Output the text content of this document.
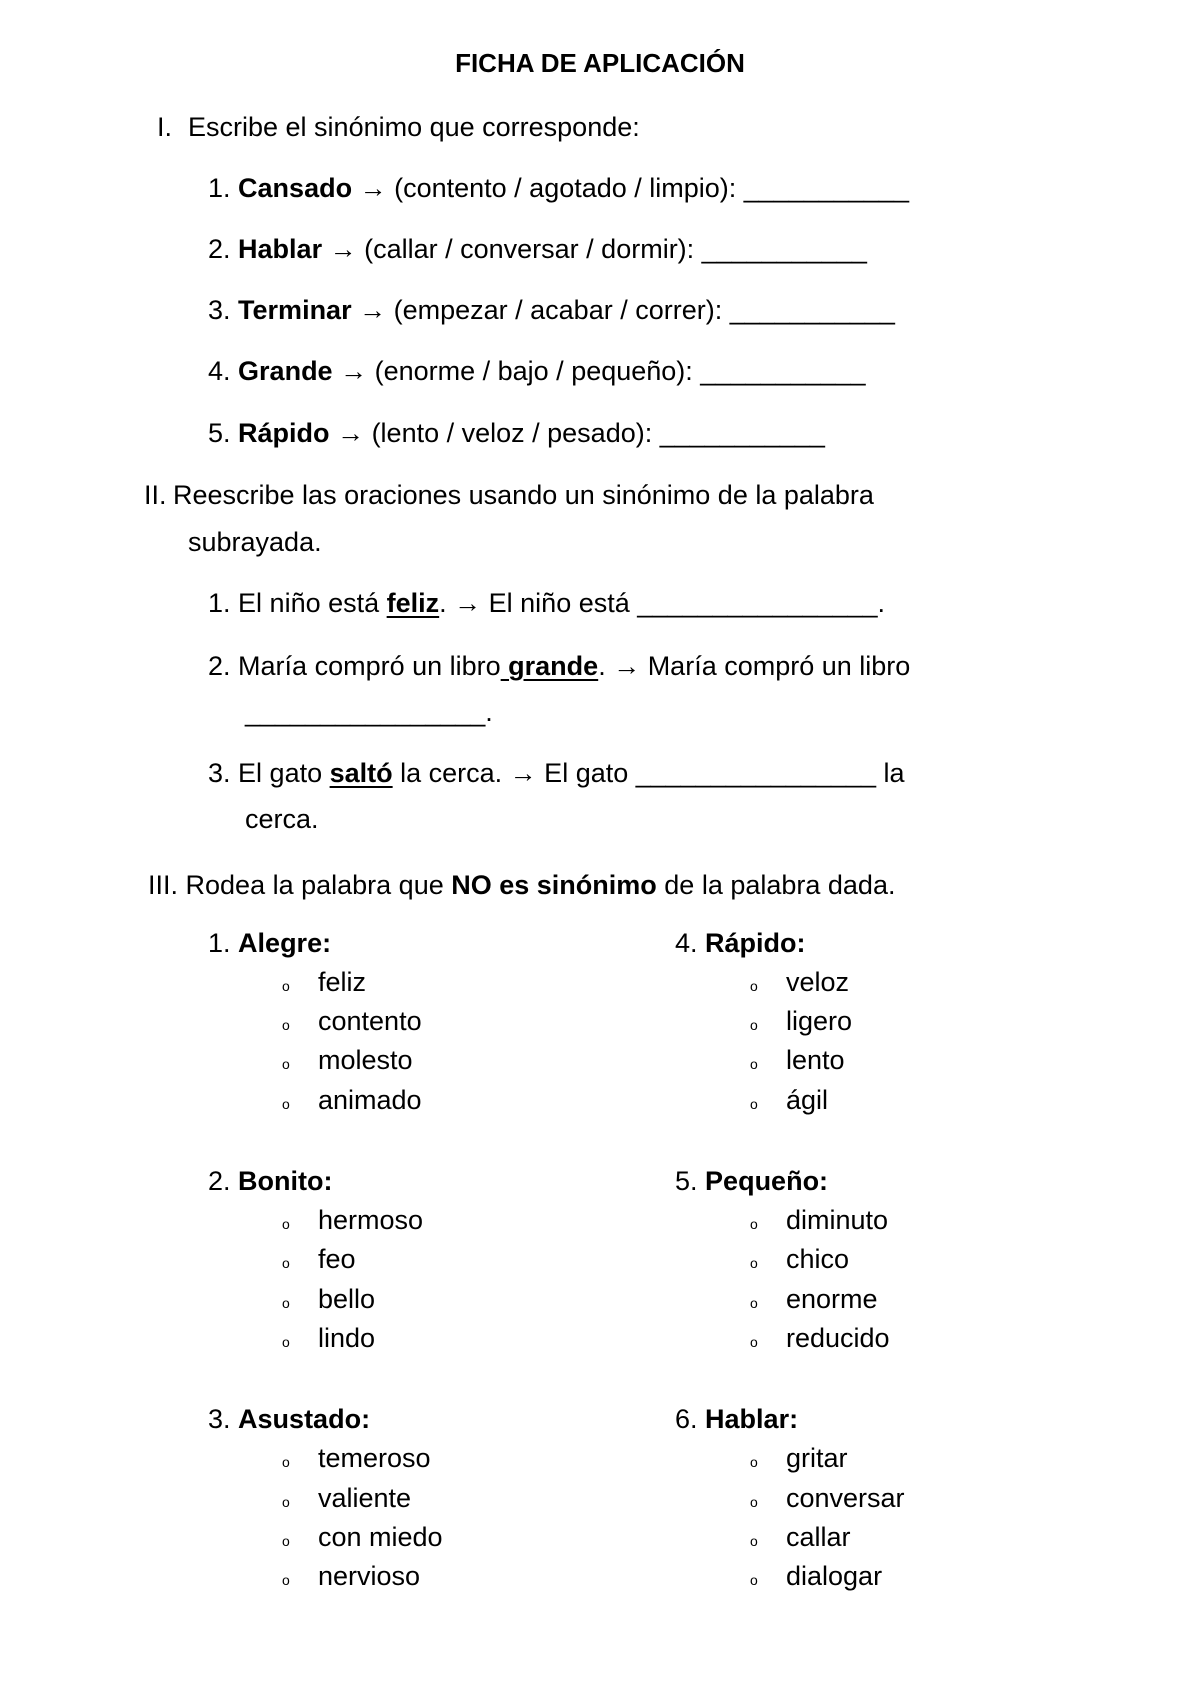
FICHA DE APLICACIÓN
I. Escribe el sinónimo que corresponde:
1. Cansado → (contento / agotado / limpio): ___________
2. Hablar → (callar / conversar / dormir): ___________
3. Terminar → (empezar / acabar / correr): ___________
4. Grande → (enorme / bajo / pequeño): ___________
5. Rápido → (lento / veloz / pesado): ___________
II. Reescribe las oraciones usando un sinónimo de la palabra
subrayada.
1. El niño está feliz. → El niño está ________________.
2. María compró un libro grande. → María compró un libro
________________.
3. El gato saltó la cerca. → El gato ________________ la
cerca.
III. Rodea la palabra que NO es sinónimo de la palabra dada.
1. Alegre:
o feliz
o contento
o molesto
o animado
2. Bonito:
o hermoso
o feo
o bello
o lindo
3. Asustado:
o temeroso
o valiente
o con miedo
o nervioso
4. Rápido:
o veloz
o ligero
o lento
o ágil
5. Pequeño:
o diminuto
o chico
o enorme
o reducido
6. Hablar:
o gritar
o conversar
o callar
o dialogar
